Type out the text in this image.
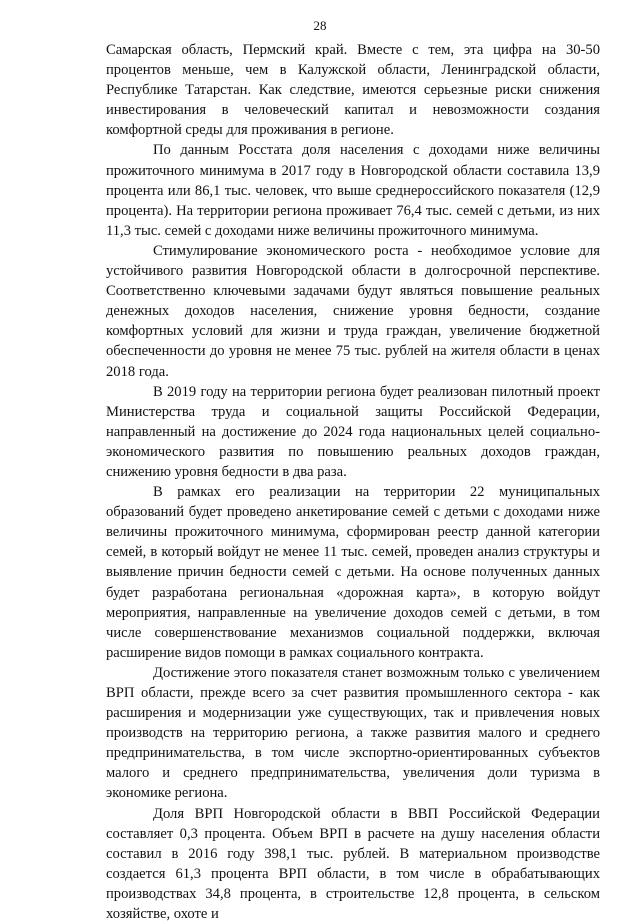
28

Самарская область, Пермский край. Вместе с тем, эта цифра на 30-50 процентов меньше, чем в Калужской области, Ленинградской области, Республике Татарстан. Как следствие, имеются серьезные риски снижения инвестирования в человеческий капитал и невозможности создания комфортной среды для проживания в регионе.

По данным Росстата доля населения с доходами ниже величины прожиточного минимума в 2017 году в Новгородской области составила 13,9 процента или 86,1 тыс. человек, что выше среднероссийского показателя (12,9 процента). На территории региона проживает 76,4 тыс. семей с детьми, из них 11,3 тыс. семей с доходами ниже величины прожиточного минимума.

Стимулирование экономического роста - необходимое условие для устойчивого развития Новгородской области в долгосрочной перспективе. Соответственно ключевыми задачами будут являться повышение реальных денежных доходов населения, снижение уровня бедности, создание комфортных условий для жизни и труда граждан, увеличение бюджетной обеспеченности до уровня не менее 75 тыс. рублей на жителя области в ценах 2018 года.

В 2019 году на территории региона будет реализован пилотный проект Министерства труда и социальной защиты Российской Федерации, направленный на достижение до 2024 года национальных целей социально-экономического развития по повышению реальных доходов граждан, снижению уровня бедности в два раза.

В рамках его реализации на территории 22 муниципальных образований будет проведено анкетирование семей с детьми с доходами ниже величины прожиточного минимума, сформирован реестр данной категории семей, в который войдут не менее 11 тыс. семей, проведен анализ структуры и выявление причин бедности семей с детьми. На основе полученных данных будет разработана региональная «дорожная карта», в которую войдут мероприятия, направленные на увеличение доходов семей с детьми, в том числе совершенствование механизмов социальной поддержки, включая расширение видов помощи в рамках социального контракта.

Достижение этого показателя станет возможным только с увеличением ВРП области, прежде всего за счет развития промышленного сектора - как расширения и модернизации уже существующих, так и привлечения новых производств на территорию региона, а также развития малого и среднего предпринимательства, в том числе экспортно-ориентированных субъектов малого и среднего предпринимательства, увеличения доли туризма в экономике региона.

Доля ВРП Новгородской области в ВВП Российской Федерации составляет 0,3 процента. Объем ВРП в расчете на душу населения области составил в 2016 году 398,1 тыс. рублей. В материальном производстве создается 61,3 процента ВРП области, в том числе в обрабатывающих производствах 34,8 процента, в строительстве 12,8 процента, в сельском хозяйстве, охоте и
